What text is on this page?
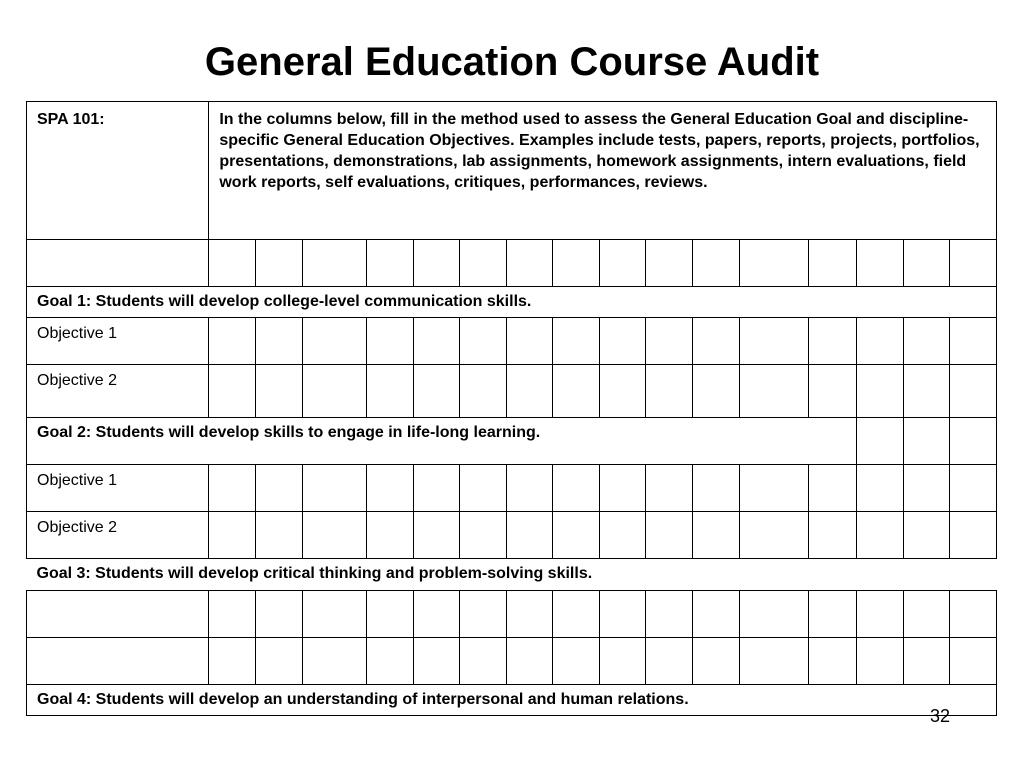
General Education Course Audit
SPA 101:	In the columns below, fill in the method used to assess the General Education Goal and discipline-specific General Education Objectives. Examples include tests, papers, reports, projects, portfolios, presentations, demonstrations, lab assignments, homework assignments, intern evaluations, field work reports, self evaluations, critiques, performances, reviews.															

Goal 1: Students will develop college-level communication skills.																
Objective 1																
Objective 2																
Goal 2: Students will develop skills to engage in life-long learning.																
Objective 1																
Objective 2																
Goal 3: Students will develop critical thinking and problem-solving skills.																

Goal 4: Students will develop an understanding of interpersonal and human relations.																
32
